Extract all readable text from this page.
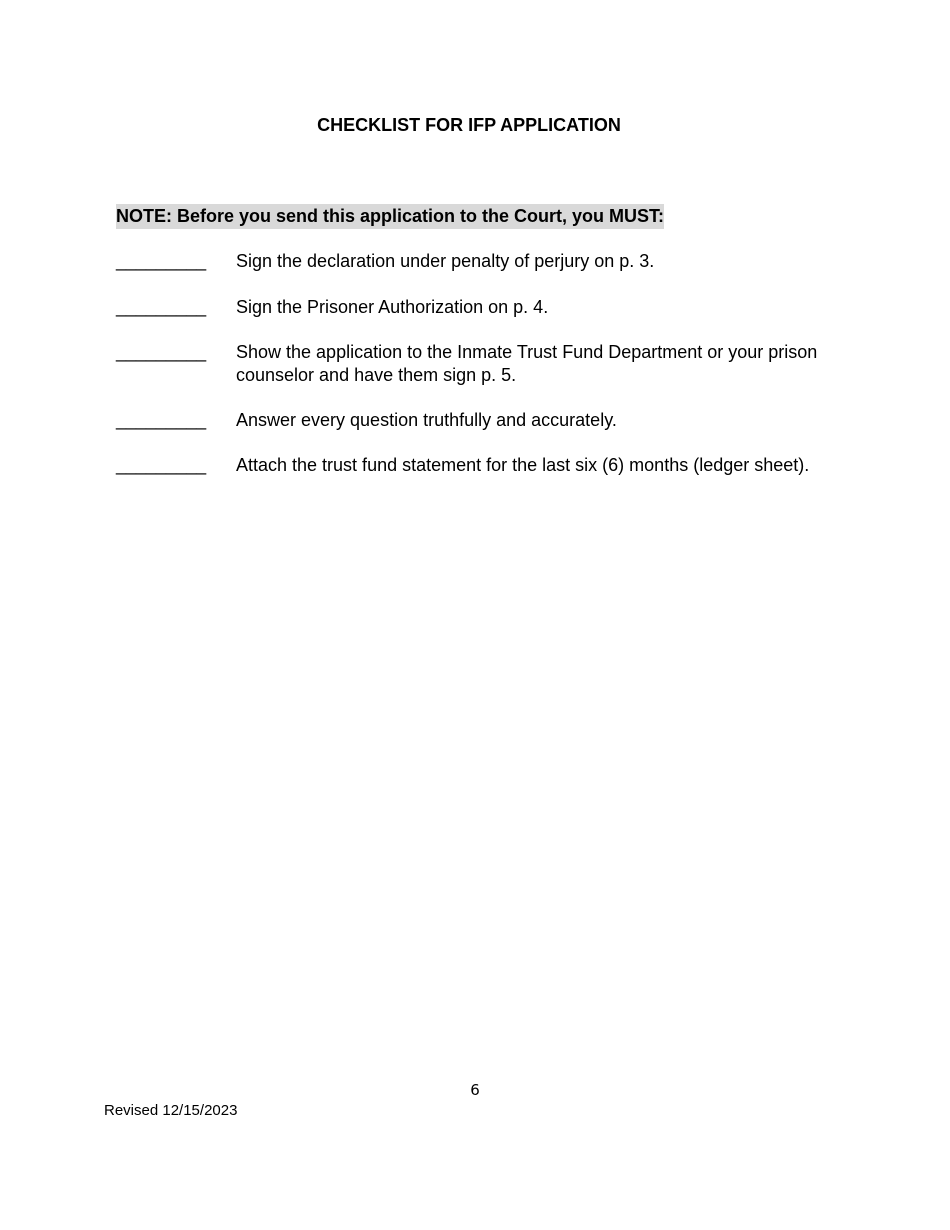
CHECKLIST FOR IFP APPLICATION
NOTE: Before you send this application to the Court, you MUST:
_________ Sign the declaration under penalty of perjury on p. 3.
_________ Sign the Prisoner Authorization on p. 4.
_________ Show the application to the Inmate Trust Fund Department or your prison counselor and have them sign p. 5.
_________ Answer every question truthfully and accurately.
_________ Attach the trust fund statement for the last six (6) months (ledger sheet).
6
Revised 12/15/2023
